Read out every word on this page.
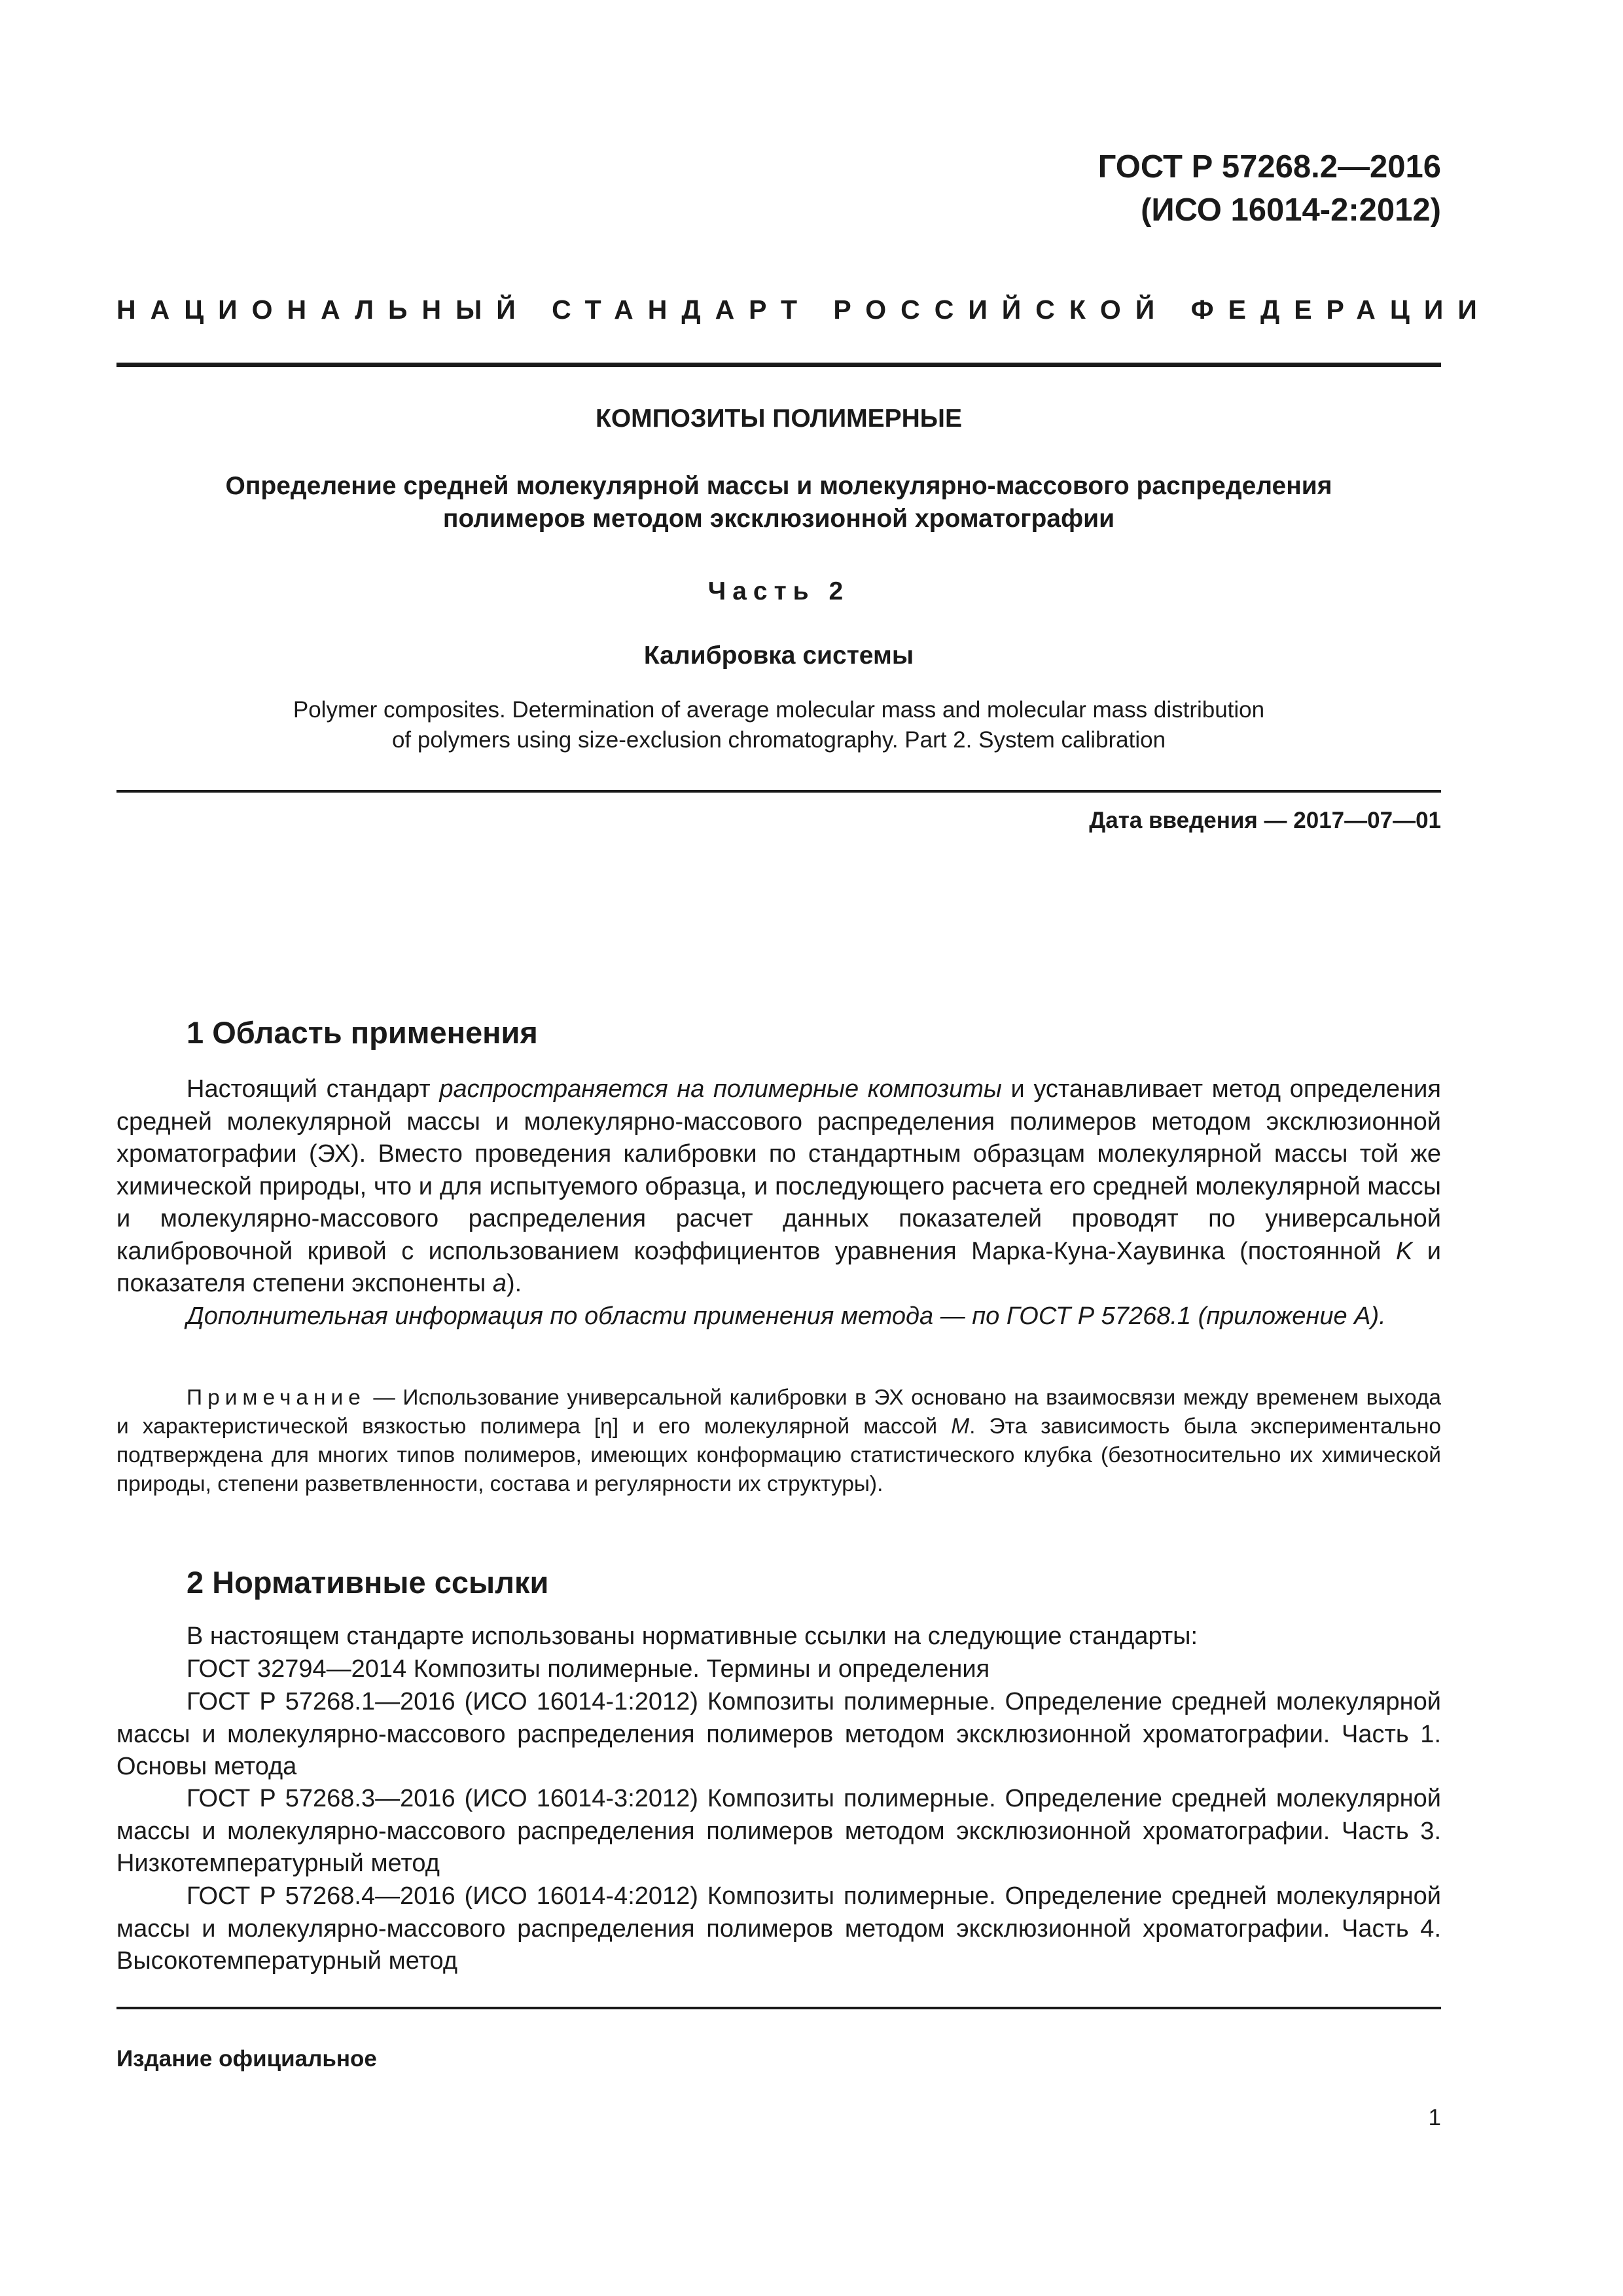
ГОСТ Р 57268.2—2016
(ИСО 16014-2:2012)
НАЦИОНАЛЬНЫЙ СТАНДАРТ РОССИЙСКОЙ ФЕДЕРАЦИИ
КОМПОЗИТЫ ПОЛИМЕРНЫЕ
Определение средней молекулярной массы и молекулярно-массового распределения
полимеров методом эксклюзионной хроматографии
Часть 2
Калибровка системы
Polymer composites. Determination of average molecular mass and molecular mass distribution
of polymers using size-exclusion chromatography. Part 2. System calibration
Дата введения — 2017—07—01
1 Область применения
Настоящий стандарт распространяется на полимерные композиты и устанавливает метод определения средней молекулярной массы и молекулярно-массового распределения полимеров методом эксклюзионной хроматографии (ЭХ). Вместо проведения калибровки по стандартным образцам молекулярной массы той же химической природы, что и для испытуемого образца, и последующего расчета его средней молекулярной массы и молекулярно-массового распределения расчет данных показателей проводят по универсальной калибровочной кривой с использованием коэффициентов уравнения Марка-Куна-Хаувинка (постоянной K и показателя степени экспоненты a).
Дополнительная информация по области применения метода — по ГОСТ Р 57268.1 (приложение А).
Примечание — Использование универсальной калибровки в ЭХ основано на взаимосвязи между временем выхода и характеристической вязкостью полимера [η] и его молекулярной массой M. Эта зависимость была экспериментально подтверждена для многих типов полимеров, имеющих конформацию статистического клубка (безотносительно их химической природы, степени разветвленности, состава и регулярности их структуры).
2 Нормативные ссылки
В настоящем стандарте использованы нормативные ссылки на следующие стандарты:
ГОСТ 32794—2014 Композиты полимерные. Термины и определения
ГОСТ Р 57268.1—2016 (ИСО 16014-1:2012) Композиты полимерные. Определение средней молекулярной массы и молекулярно-массового распределения полимеров методом эксклюзионной хроматографии. Часть 1. Основы метода
ГОСТ Р 57268.3—2016 (ИСО 16014-3:2012) Композиты полимерные. Определение средней молекулярной массы и молекулярно-массового распределения полимеров методом эксклюзионной хроматографии. Часть 3. Низкотемпературный метод
ГОСТ Р 57268.4—2016 (ИСО 16014-4:2012) Композиты полимерные. Определение средней молекулярной массы и молекулярно-массового распределения полимеров методом эксклюзионной хроматографии. Часть 4. Высокотемпературный метод
Издание официальное
1
